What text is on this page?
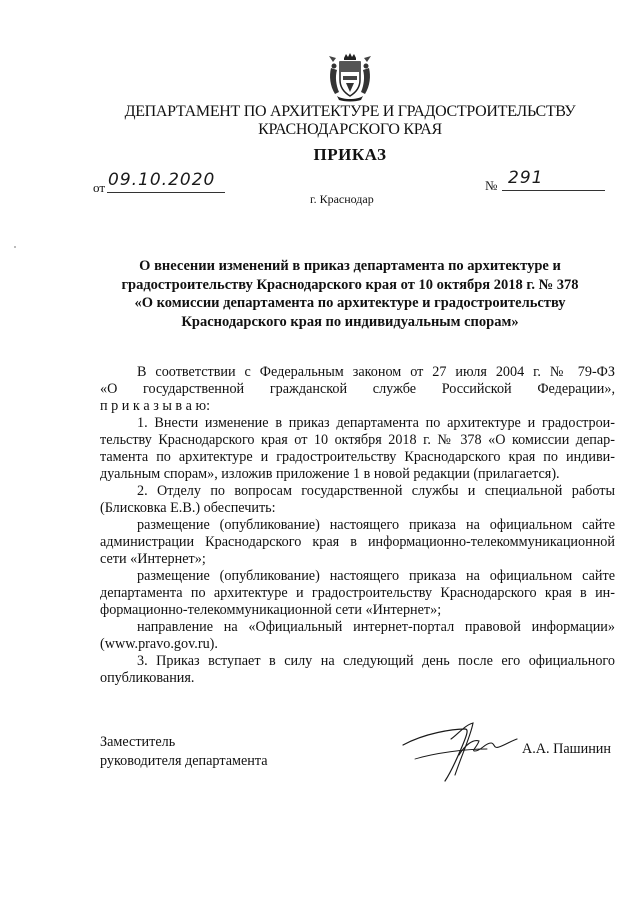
ДЕПАРТАМЕНТ ПО АРХИТЕКТУРЕ И ГРАДОСТРОИТЕЛЬСТВУ
КРАСНОДАРСКОГО КРАЯ
ПРИКАЗ
от 09.10.2020	№ 291
г. Краснодар
О внесении изменений в приказ департамента по архитектуре и
градостроительству Краснодарского края от 10 октября 2018 г. № 378
«О комиссии департамента по архитектуре и градостроительству
Краснодарского края по индивидуальным спорам»
В соответствии с Федеральным законом от 27 июля 2004 г. № 79-ФЗ
«О государственной гражданской службе Российской Федерации»,
п р и к а з ы в а ю:
1. Внести изменение в приказ департамента по архитектуре и градострои-
тельству Краснодарского края от 10 октября 2018 г. № 378 «О комиссии депар-
тамента по архитектуре и градостроительству Краснодарского края по индиви-
дуальным спорам», изложив приложение 1 в новой редакции (прилагается).
2. Отделу по вопросам государственной службы и специальной работы
(Блисковка Е.В.) обеспечить:
размещение (опубликование) настоящего приказа на официальном сайте
администрации Краснодарского края в информационно-телекоммуникационной
сети «Интернет»;
размещение (опубликование) настоящего приказа на официальном сайте
департамента по архитектуре и градостроительству Краснодарского края в ин-
формационно-телекоммуникационной сети «Интернет»;
направление на «Официальный интернет-портал правовой информации»
(www.pravo.gov.ru).
3. Приказ вступает в силу на следующий день после его официального
опубликования.
Заместитель
руководителя департамента
А.А. Пашинин
